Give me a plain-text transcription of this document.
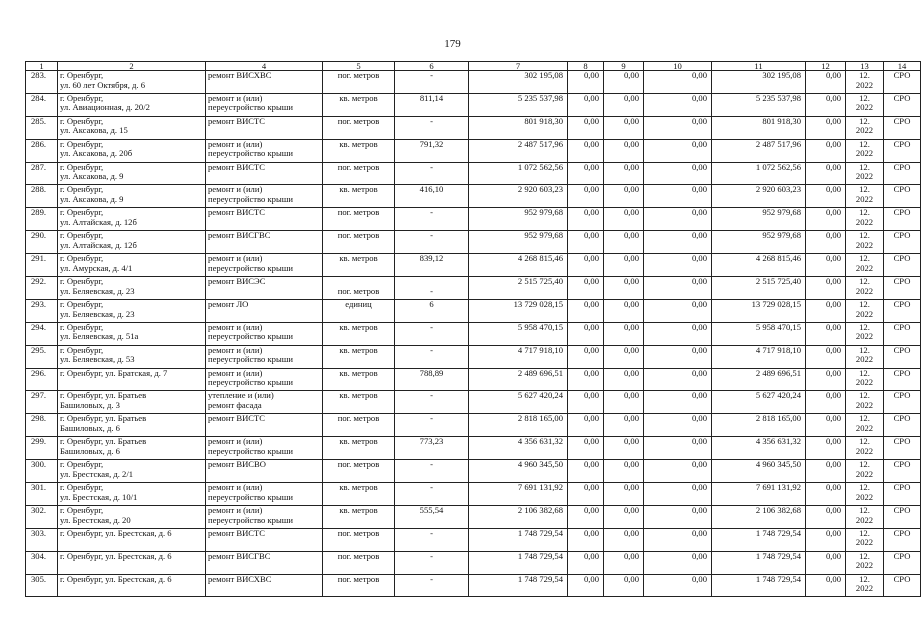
179
1	2	4	5	6	7	8	9	10	11	12	13	14
283.	г. Оренбург,
ул. 60 лет Октября, д. 6	ремонт ВИСХВС	пог. метров	-	302 195,08	0,00	0,00	0,00	302 195,08	0,00	12.
2022	СРО
284.	г. Оренбург,
ул. Авиационная, д. 20/2	ремонт и (или)
переустройство крыши	кв. метров	811,14	5 235 537,98	0,00	0,00	0,00	5 235 537,98	0,00	12.
2022	СРО
285.	г. Оренбург,
ул. Аксакова, д. 15	ремонт ВИСТС	пог. метров	-	801 918,30	0,00	0,00	0,00	801 918,30	0,00	12.
2022	СРО
286.	г. Оренбург,
ул. Аксакова, д. 20б	ремонт и (или)
переустройство крыши	кв. метров	791,32	2 487 517,96	0,00	0,00	0,00	2 487 517,96	0,00	12.
2022	СРО
287.	г. Оренбург,
ул. Аксакова, д. 9	ремонт ВИСТС	пог. метров	-	1 072 562,56	0,00	0,00	0,00	1 072 562,56	0,00	12.
2022	СРО
288.	г. Оренбург,
ул. Аксакова, д. 9	ремонт и (или)
переустройство крыши	кв. метров	416,10	2 920 603,23	0,00	0,00	0,00	2 920 603,23	0,00	12.
2022	СРО
289.	г. Оренбург,
ул. Алтайская, д. 12б	ремонт ВИСТС	пог. метров	-	952 979,68	0,00	0,00	0,00	952 979,68	0,00	12.
2022	СРО
290.	г. Оренбург,
ул. Алтайская, д. 12б	ремонт ВИСГВС	пог. метров	-	952 979,68	0,00	0,00	0,00	952 979,68	0,00	12.
2022	СРО
291.	г. Оренбург,
ул. Амурская, д. 4/1	ремонт и (или)
переустройство крыши	кв. метров	839,12	4 268 815,46	0,00	0,00	0,00	4 268 815,46	0,00	12.
2022	СРО
292.	г. Оренбург,
ул. Беляевская, д. 23	ремонт ВИСЭС	пог. метров	-	2 515 725,40	0,00	0,00	0,00	2 515 725,40	0,00	12.
2022	СРО
293.	г. Оренбург,
ул. Беляевская, д. 23	ремонт ЛО	единиц	6	13 729 028,15	0,00	0,00	0,00	13 729 028,15	0,00	12.
2022	СРО
294.	г. Оренбург,
ул. Беляевская, д. 51а	ремонт и (или)
переустройство крыши	кв. метров	-	5 958 470,15	0,00	0,00	0,00	5 958 470,15	0,00	12.
2022	СРО
295.	г. Оренбург,
ул. Беляевская, д. 53	ремонт и (или)
переустройство крыши	кв. метров	-	4 717 918,10	0,00	0,00	0,00	4 717 918,10	0,00	12.
2022	СРО
296.	г. Оренбург, ул. Братская, д. 7	ремонт и (или)
переустройство крыши	кв. метров	788,89	2 489 696,51	0,00	0,00	0,00	2 489 696,51	0,00	12.
2022	СРО
297.	г. Оренбург, ул. Братьев
Башиловых, д. 3	утепление и (или)
ремонт фасада	кв. метров	-	5 627 420,24	0,00	0,00	0,00	5 627 420,24	0,00	12.
2022	СРО
298.	г. Оренбург, ул. Братьев
Башиловых, д. 6	ремонт ВИСТС	пог. метров	-	2 818 165,00	0,00	0,00	0,00	2 818 165,00	0,00	12.
2022	СРО
299.	г. Оренбург, ул. Братьев
Башиловых, д. 6	ремонт и (или)
переустройство крыши	кв. метров	773,23	4 356 631,32	0,00	0,00	0,00	4 356 631,32	0,00	12.
2022	СРО
300.	г. Оренбург,
ул. Брестская, д. 2/1	ремонт ВИСВО	пог. метров	-	4 960 345,50	0,00	0,00	0,00	4 960 345,50	0,00	12.
2022	СРО
301.	г. Оренбург,
ул. Брестская, д. 10/1	ремонт и (или)
переустройство крыши	кв. метров	-	7 691 131,92	0,00	0,00	0,00	7 691 131,92	0,00	12.
2022	СРО
302.	г. Оренбург,
ул. Брестская, д. 20	ремонт и (или)
переустройство крыши	кв. метров	555,54	2 106 382,68	0,00	0,00	0,00	2 106 382,68	0,00	12.
2022	СРО
303.	г. Оренбург, ул. Брестская, д. 6	ремонт ВИСТС	пог. метров	-	1 748 729,54	0,00	0,00	0,00	1 748 729,54	0,00	12.
2022	СРО
304.	г. Оренбург, ул. Брестская, д. 6	ремонт ВИСГВС	пог. метров	-	1 748 729,54	0,00	0,00	0,00	1 748 729,54	0,00	12.
2022	СРО
305.	г. Оренбург, ул. Брестская, д. 6	ремонт ВИСХВС	пог. метров	-	1 748 729,54	0,00	0,00	0,00	1 748 729,54	0,00	12.
2022	СРО
